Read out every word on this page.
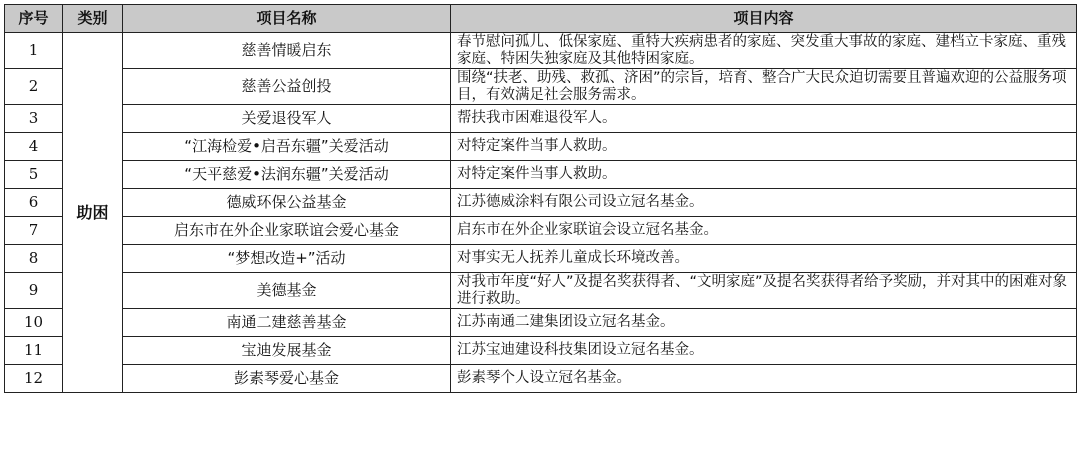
序号	类别	项目名称	项目内容
1	助困	慈善情暖启东	春节慰问孤儿、低保家庭、重特大疾病患者的家庭、突发重大事故的家庭、建档立卡家庭、重残家庭、特困失独家庭及其他特困家庭。
2		慈善公益创投	围绕“扶老、助残、救孤、济困”的宗旨，培育、整合广大民众迫切需要且普遍欢迎的公益服务项目，有效满足社会服务需求。
3		关爱退役军人	帮扶我市困难退役军人。
4		“江海检爱•启吾东疆”关爱活动	对特定案件当事人救助。
5		“天平慈爱•法润东疆”关爱活动	对特定案件当事人救助。
6		德威环保公益基金	江苏德威涂料有限公司设立冠名基金。
7		启东市在外企业家联谊会爱心基金	启东市在外企业家联谊会设立冠名基金。
8		“梦想改造+”活动	对事实无人抚养儿童成长环境改善。
9		美德基金	对我市年度“好人”及提名奖获得者、“文明家庭”及提名奖获得者给予奖励，并对其中的困难对象进行救助。
10		南通二建慈善基金	江苏南通二建集团设立冠名基金。
11		宝迪发展基金	江苏宝迪建设科技集团设立冠名基金。
12		彭素琴爱心基金	彭素琴个人设立冠名基金。
